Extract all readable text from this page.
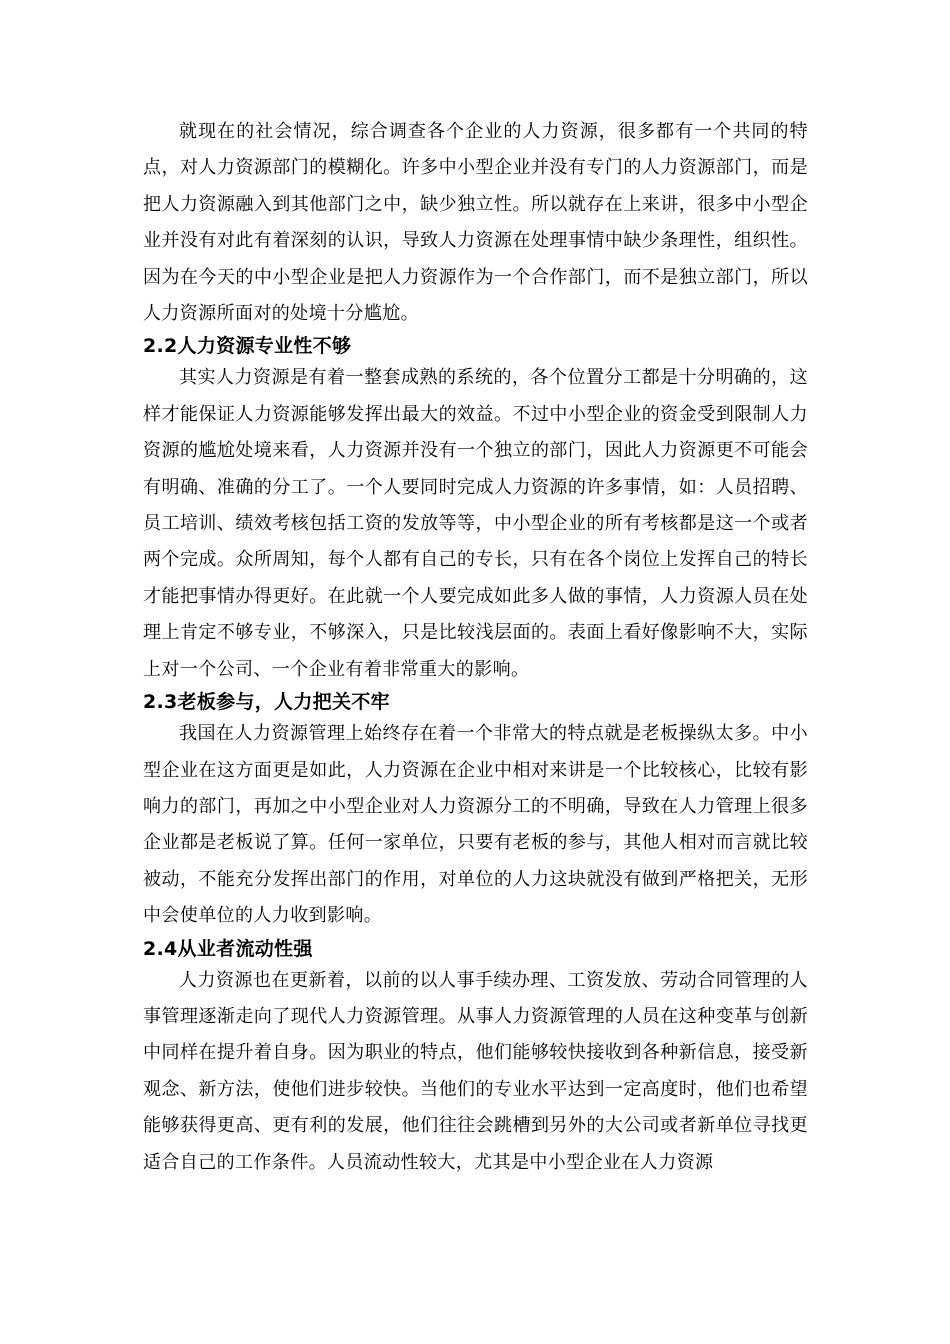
就现在的社会情况，综合调查各个企业的人力资源，很多都有一个共同的特点，对人力资源部门的模糊化。许多中小型企业并没有专门的人力资源部门，而是把人力资源融入到其他部门之中，缺少独立性。所以就存在上来讲，很多中小型企业并没有对此有着深刻的认识，导致人力资源在处理事情中缺少条理性，组织性。因为在今天的中小型企业是把人力资源作为一个合作部门，而不是独立部门，所以人力资源所面对的处境十分尴尬。

2.2人力资源专业性不够

其实人力资源是有着一整套成熟的系统的，各个位置分工都是十分明确的，这样才能保证人力资源能够发挥出最大的效益。不过中小型企业的资金受到限制人力资源的尴尬处境来看，人力资源并没有一个独立的部门，因此人力资源更不可能会有明确、准确的分工了。一个人要同时完成人力资源的许多事情，如：人员招聘、员工培训、绩效考核包括工资的发放等等，中小型企业的所有考核都是这一个或者两个完成。众所周知，每个人都有自己的专长，只有在各个岗位上发挥自己的特长才能把事情办得更好。在此就一个人要完成如此多人做的事情，人力资源人员在处理上肯定不够专业，不够深入，只是比较浅层面的。表面上看好像影响不大，实际上对一个公司、一个企业有着非常重大的影响。

2.3老板参与，人力把关不牢

我国在人力资源管理上始终存在着一个非常大的特点就是老板操纵太多。中小型企业在这方面更是如此，人力资源在企业中相对来讲是一个比较核心，比较有影响力的部门，再加之中小型企业对人力资源分工的不明确，导致在人力管理上很多企业都是老板说了算。任何一家单位，只要有老板的参与，其他人相对而言就比较被动，不能充分发挥出部门的作用，对单位的人力这块就没有做到严格把关，无形中会使单位的人力收到影响。

2.4从业者流动性强

人力资源也在更新着，以前的以人事手续办理、工资发放、劳动合同管理的人事管理逐渐走向了现代人力资源管理。从事人力资源管理的人员在这种变革与创新中同样在提升着自身。因为职业的特点，他们能够较快接收到各种新信息，接受新观念、新方法，使他们进步较快。当他们的专业水平达到一定高度时，他们也希望能够获得更高、更有利的发展，他们往往会跳槽到另外的大公司或者新单位寻找更适合自己的工作条件。人员流动性较大，尤其是中小型企业在人力资源
